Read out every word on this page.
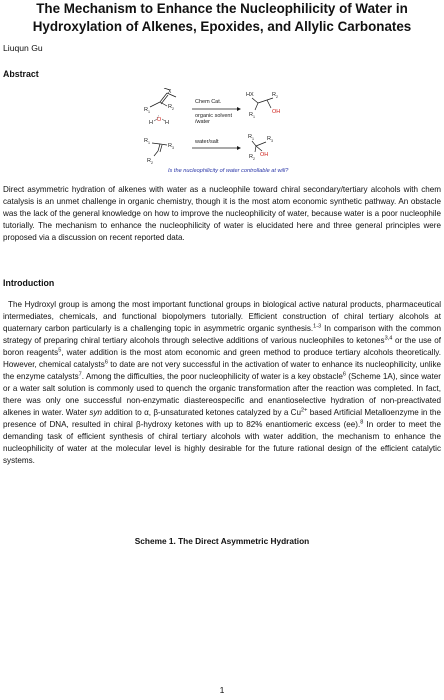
The Mechanism to Enhance the Nucleophilicity of Water in Hydroxylation of Alkenes, Epoxides, and Allylic Carbonates

Liuqun Gu

Abstract

X
R 1
R 2
H O H
R 1	R 3
R 2
Chem Cat.
organic solvent
/water
water/salt
HX	R 2
OH
R 1
R 1 R 3
R 2
OH
Is the nucleophilicity of water controllable at will?

Direct asymmetric hydration of alkenes with water as a nucleophile toward chiral secondary/tertiary alcohols with chem catalysis is an unmet challenge in organic chemistry, though it is the most atom economic synthetic pathway. An obstacle was the lack of the general knowledge on how to improve the nucleophilicity of water, because water is a poor nucleophile tutorially. The mechanism to enhance the nucleophilicity of water is elucidated here and three general principles were proposed via a discussion on recent reported data.

Introduction

The Hydroxyl group is among the most important functional groups in biological active natural products, pharmaceutical intermediates, chemicals, and functional biopolymers tutorially. Efficient construction of chiral tertiary alcohols at quaternary carbon particularly is a challenging topic in asymmetric organic synthesis.$^{1-3}$ In comparison with the common strategy of preparing chiral tertiary alcohols through selective additions of various nucleophiles to ketones$^{3,4}$ or the use of boron reagents$^5$, water addition is the most atom economic and green method to produce tertiary alcohols theoretically. However, chemical catalysts$^6$ to date are not very successful in the activation of water to enhance its nucleophilicity, unlike the enzyme catalysts$^7$. Among the difficulties, the poor nucleophilicity of water is a key obstacle$^6$ (Scheme 1A), since water or a water salt solution is commonly used to quench the organic transformation after the reaction was completed. In fact, there was only one successful non-enzymatic diastereospecific and enantioselective hydration of non-preactivated alkenes in water. Water syn addition to α, β-unsaturated ketones catalyzed by a $Cu^{2+}$ based Artificial Metalloenzyme in the presence of DNA, resulted in chiral β-hydroxy ketones with up to 82% enantiomeric excess (ee).$^8$ In order to meet the demanding task of efficient synthesis of chiral tertiary alcohols with water addition, the mechanism to enhance the nucleophilicity of water at the molecular level is highly desirable for the future rational design of the efficient catalytic systems.

Scheme 1. The Direct Asymmetric Hydration

1
